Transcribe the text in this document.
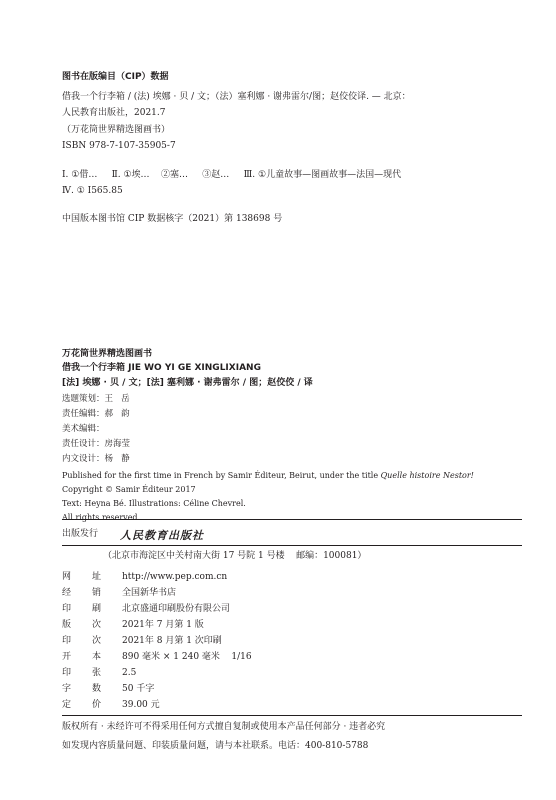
图书在版编目（CIP）数据
借我一个行李箱 / (法) 埃娜 · 贝 / 文；（法）塞利娜 · 谢弗雷尔/图；赵佼佼译. — 北京：
人民教育出版社，2021.7
（万花筒世界精选图画书）
ISBN 978-7-107-35905-7
Ⅰ. ①借…     Ⅱ. ①埃…    ②塞…     ③赵…     Ⅲ. ①儿童故事—图画故事—法国—现代
Ⅳ. ① I565.85
中国版本图书馆 CIP 数据核字（2021）第 138698 号
万花筒世界精选图画书
借我一个行李箱 JIE WO YI GE XINGLIXIANG
[法] 埃娜 · 贝 / 文；[法] 塞利娜 · 谢弗雷尔 / 图；赵佼佼 / 译
选题策划：王   岳
责任编辑：郝   韵
美术编辑：
责任设计：房海莹
内文设计：杨   静
Published for the first time in French by Samir Éditeur, Beirut, under the title Quelle histoire Nestor!
Copyright © Samir Éditeur 2017
Text: Heyna Bé. Illustrations: Céline Chevrel.
All rights reserved.
出版发行 人民教育出版社
（北京市海淀区中关村南大街 17 号院 1 号楼    邮编：100081）
网 址 http://www.pep.com.cn
经 销 全国新华书店
印 刷 北京盛通印刷股份有限公司
版 次 2021年 7 月第 1 版
印 次 2021年 8 月第 1 次印刷
开 本 890 毫米 × 1 240 毫米    1/16
印 张 2.5
字 数 50 千字
定 价 39.00 元
版权所有 · 未经许可不得采用任何方式擅自复制或使用本产品任何部分 · 违者必究
如发现内容质量问题、印装质量问题，请与本社联系。电话：400-810-5788
